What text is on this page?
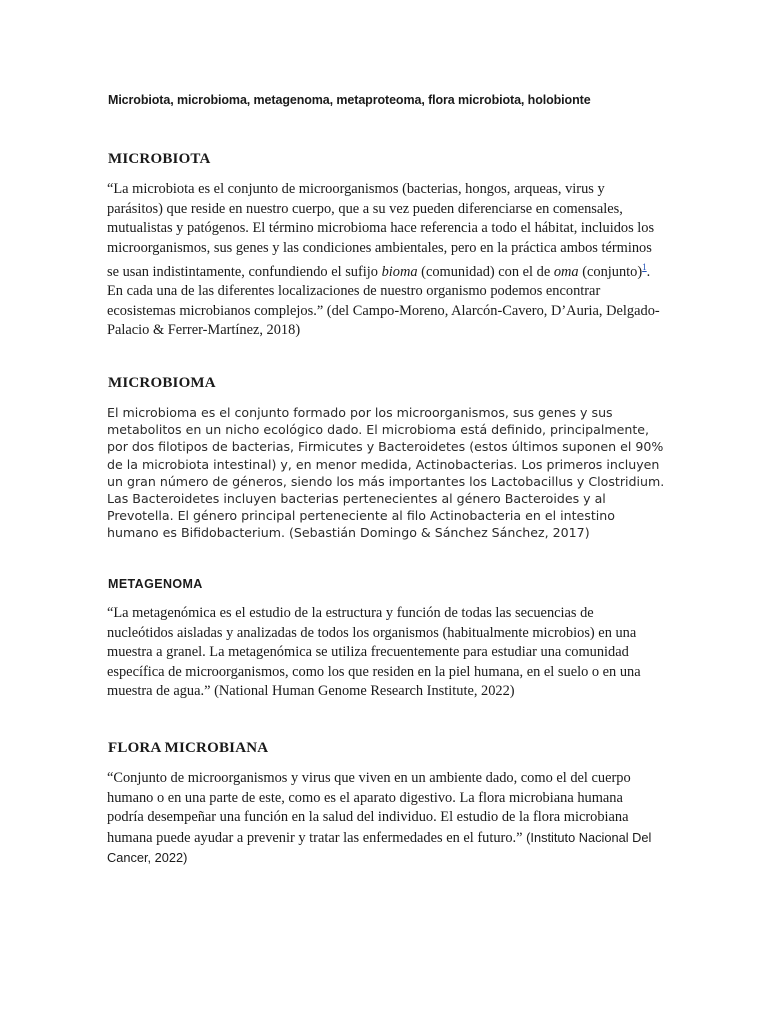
Microbiota, microbioma, metagenoma, metaproteoma, flora microbiota, holobionte
MICROBIOTA

“La microbiota es el conjunto de microorganismos (bacterias, hongos, arqueas, virus y parásitos) que reside en nuestro cuerpo, que a su vez pueden diferenciarse en comensales, mutualistas y patógenos. El término microbioma hace referencia a todo el hábitat, incluidos los microorganismos, sus genes y las condiciones ambientales, pero en la práctica ambos términos se usan indistintamente, confundiendo el sufijo bioma (comunidad) con el de oma (conjunto)$^1$. En cada una de las diferentes localizaciones de nuestro organismo podemos encontrar ecosistemas microbianos complejos.” (del Campo-Moreno, Alarcón-Cavero, D’Auria, Delgado-Palacio & Ferrer-Martínez, 2018)

MICROBIOMA

El microbioma es el conjunto formado por los microorganismos, sus genes y sus metabolitos en un nicho ecológico dado. El microbioma está definido, principalmente, por dos filotipos de bacterias, Firmicutes y Bacteroidetes (estos últimos suponen el 90% de la microbiota intestinal) y, en menor medida, Actinobacterias. Los primeros incluyen un gran número de géneros, siendo los más importantes los Lactobacillus y Clostridium. Las Bacteroidetes incluyen bacterias pertenecientes al género Bacteroides y al Prevotella. El género principal perteneciente al filo Actinobacteria en el intestino humano es Bifidobacterium. (Sebastián Domingo & Sánchez Sánchez, 2017)

METAGENOMA

“La metagenómica es el estudio de la estructura y función de todas las secuencias de nucleótidos aisladas y analizadas de todos los organismos (habitualmente microbios) en una muestra a granel. La metagenómica se utiliza frecuentemente para estudiar una comunidad específica de microorganismos, como los que residen en la piel humana, en el suelo o en una muestra de agua.” (National Human Genome Research Institute, 2022)

FLORA MICROBIANA

“Conjunto de microorganismos y virus que viven en un ambiente dado, como el del cuerpo humano o en una parte de este, como es el aparato digestivo. La flora microbiana humana podría desempeñar una función en la salud del individuo. El estudio de la flora microbiana humana puede ayudar a prevenir y tratar las enfermedades en el futuro.” (Instituto Nacional Del Cancer, 2022)
